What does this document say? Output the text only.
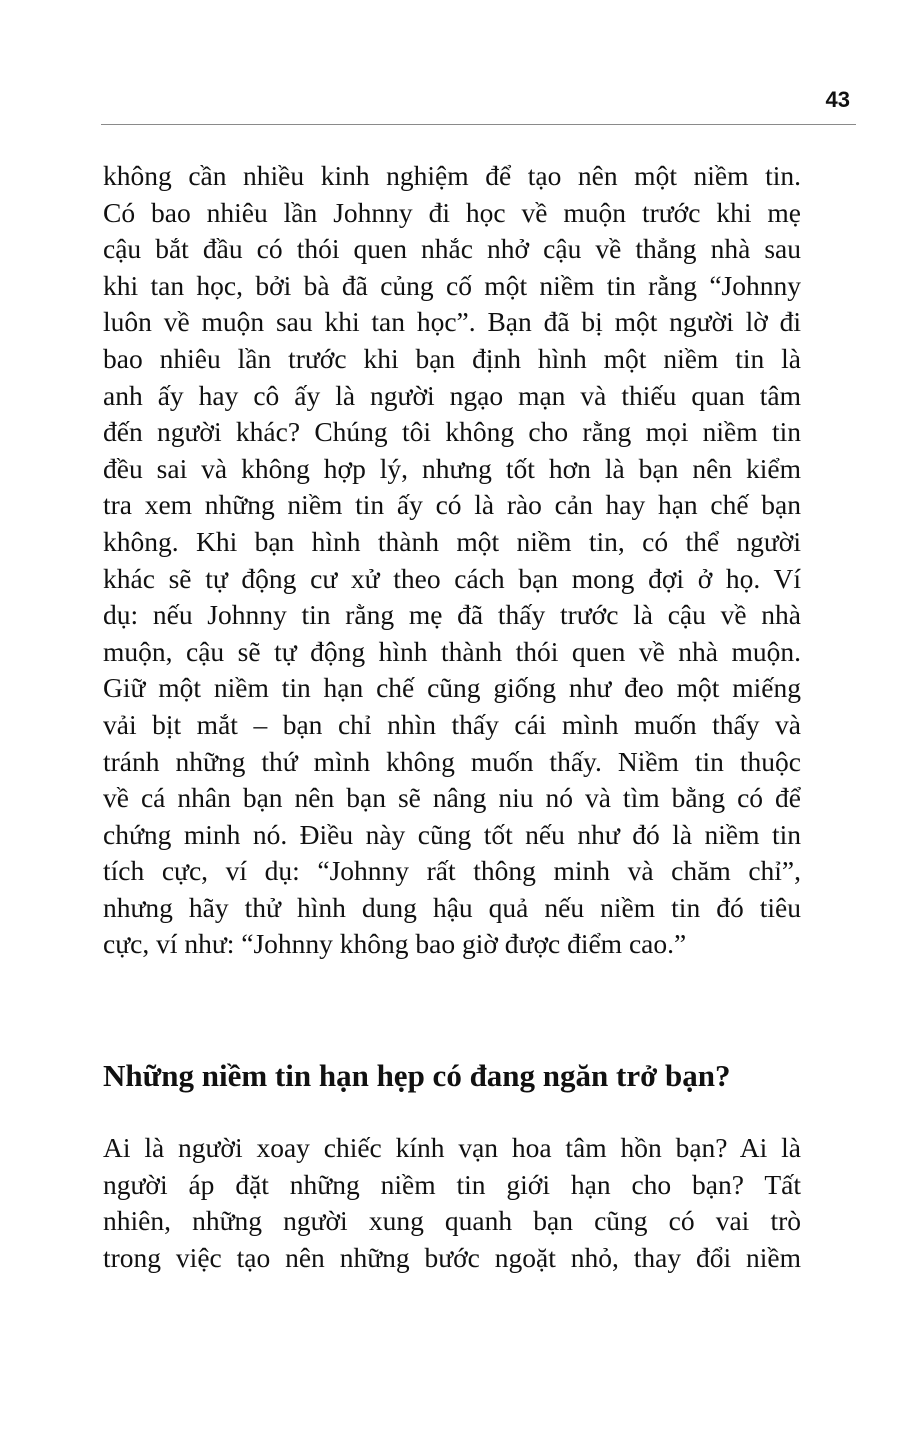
43
không cần nhiều kinh nghiệm để tạo nên một niềm tin.
Có bao nhiêu lần Johnny đi học về muộn trước khi mẹ
cậu bắt đầu có thói quen nhắc nhở cậu về thẳng nhà sau
khi tan học, bởi bà đã củng cố một niềm tin rằng “Johnny
luôn về muộn sau khi tan học”. Bạn đã bị một người lờ đi
bao nhiêu lần trước khi bạn định hình một niềm tin là
anh ấy hay cô ấy là người ngạo mạn và thiếu quan tâm
đến người khác? Chúng tôi không cho rằng mọi niềm tin
đều sai và không hợp lý, nhưng tốt hơn là bạn nên kiểm
tra xem những niềm tin ấy có là rào cản hay hạn chế bạn
không. Khi bạn hình thành một niềm tin, có thể người
khác sẽ tự động cư xử theo cách bạn mong đợi ở họ. Ví
dụ: nếu Johnny tin rằng mẹ đã thấy trước là cậu về nhà
muộn, cậu sẽ tự động hình thành thói quen về nhà muộn.
Giữ một niềm tin hạn chế cũng giống như đeo một miếng
vải bịt mắt – bạn chỉ nhìn thấy cái mình muốn thấy và
tránh những thứ mình không muốn thấy. Niềm tin thuộc
về cá nhân bạn nên bạn sẽ nâng niu nó và tìm bằng có để
chứng minh nó. Điều này cũng tốt nếu như đó là niềm tin
tích cực, ví dụ: “Johnny rất thông minh và chăm chỉ”,
nhưng hãy thử hình dung hậu quả nếu niềm tin đó tiêu
cực, ví như: “Johnny không bao giờ được điểm cao.”
Những niềm tin hạn hẹp có đang ngăn trở bạn?
Ai là người xoay chiếc kính vạn hoa tâm hồn bạn? Ai là
người áp đặt những niềm tin giới hạn cho bạn? Tất
nhiên, những người xung quanh bạn cũng có vai trò
trong việc tạo nên những bước ngoặt nhỏ, thay đổi niềm
